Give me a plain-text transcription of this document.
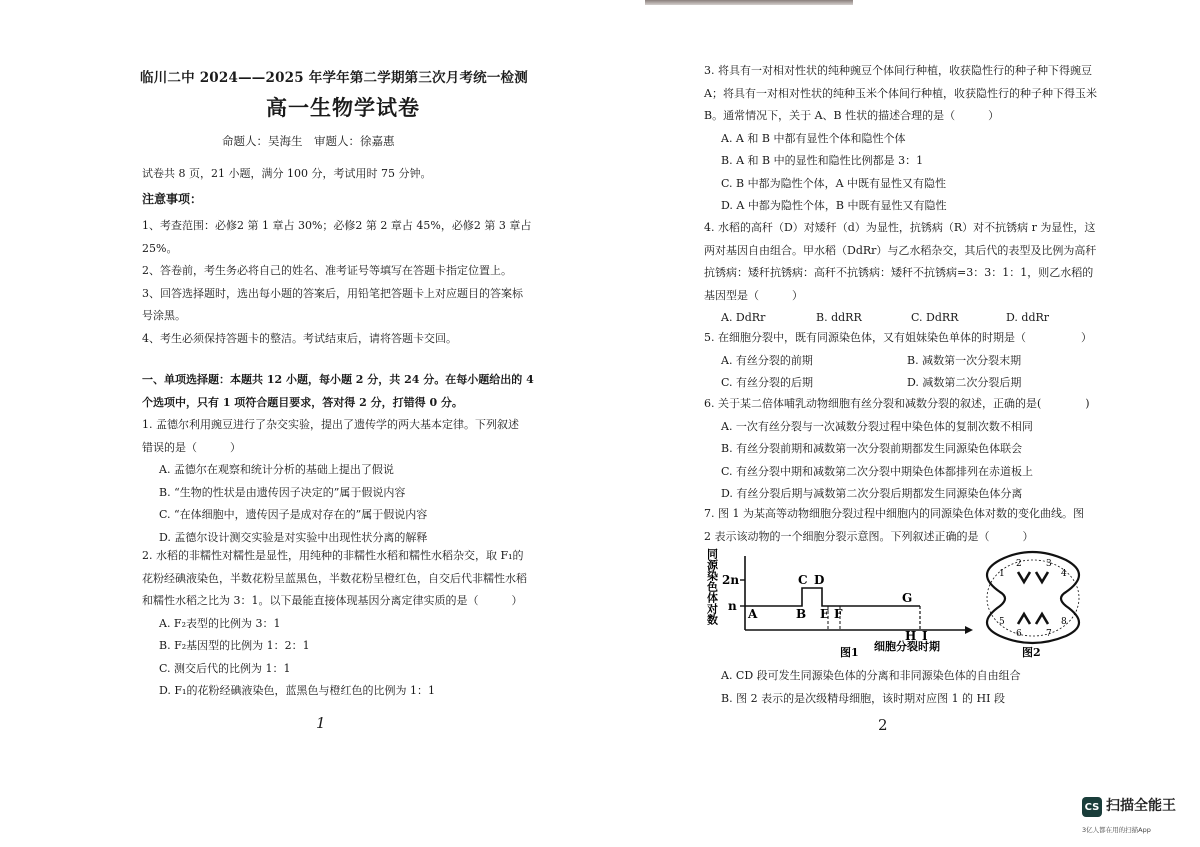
临川二中 2024——2025 年学年第二学期第三次月考统一检测
高一生物学试卷
命题人：吴海生　审题人：徐嘉惠
试卷共 8 页，21 小题，满分 100 分，考试用时 75 分钟。
注意事项：
1、考查范围：必修2 第 1 章占 30%；必修2 第 2 章占 45%，必修2 第 3 章占
25%。
2、答卷前，考生务必将自己的姓名、准考证号等填写在答题卡指定位置上。
3、回答选择题时，选出每小题的答案后，用铅笔把答题卡上对应题目的答案标
号涂黑。
4、考生必须保持答题卡的整洁。考试结束后，请将答题卡交回。
一、单项选择题：本题共 12 小题，每小题 2 分，共 24 分。在每小题给出的 4
个选项中，只有 1 项符合题目要求，答对得 2 分，打错得 0 分。
1. 孟德尔利用豌豆进行了杂交实验，提出了遗传学的两大基本定律。下列叙述
错误的是（　　　）
A. 孟德尔在观察和统计分析的基础上提出了假说
B. “生物的性状是由遗传因子决定的”属于假说内容
C. “在体细胞中，遗传因子是成对存在的”属于假说内容
D. 孟德尔设计测交实验是对实验中出现性状分离的解释
2. 水稻的非糯性对糯性是显性，用纯种的非糯性水稻和糯性水稻杂交，取 F₁的
花粉经碘液染色，半数花粉呈蓝黑色，半数花粉呈橙红色，自交后代非糯性水稻
和糯性水稻之比为 3：1。以下最能直接体现基因分离定律实质的是（　　　）
A. F₂表型的比例为 3：1
B. F₂基因型的比例为 1：2：1
C. 测交后代的比例为 1：1
D. F₁的花粉经碘液染色，蓝黑色与橙红色的比例为 1：1
1
3. 将具有一对相对性状的纯种豌豆个体间行种植，收获隐性行的种子种下得豌豆
A；将具有一对相对性状的纯种玉米个体间行种植，收获隐性行的种子种下得玉米
B。通常情况下，关于 A、B 性状的描述合理的是（　　　）
A. A 和 B 中都有显性个体和隐性个体
B. A 和 B 中的显性和隐性比例都是 3：1
C. B 中都为隐性个体，A 中既有显性又有隐性
D. A 中都为隐性个体，B 中既有显性又有隐性
4. 水稻的高秆（D）对矮秆（d）为显性，抗锈病（R）对不抗锈病 r 为显性，这
两对基因自由组合。甲水稻（DdRr）与乙水稻杂交，其后代的表型及比例为高秆
抗锈病：矮秆抗锈病：高秆不抗锈病：矮秆不抗锈病=3：3：1：1，则乙水稻的
基因型是（　　　）
A. DdRr	B. ddRR	C. DdRR	D. ddRr
5. 在细胞分裂中，既有同源染色体，又有姐妹染色单体的时期是（　　　　　）
A. 有丝分裂的前期	B. 减数第一次分裂末期
C. 有丝分裂的后期	D. 减数第二次分裂后期
6. 关于某二倍体哺乳动物细胞有丝分裂和减数分裂的叙述，正确的是(　　　　)
A. 一次有丝分裂与一次减数分裂过程中染色体的复制次数不相同
B. 有丝分裂前期和减数第一次分裂前期都发生同源染色体联会
C. 有丝分裂中期和减数第二次分裂中期染色体都排列在赤道板上
D. 有丝分裂后期与减数第二次分裂后期都发生同源染色体分离
7. 图 1 为某高等动物细胞分裂过程中细胞内的同源染色体对数的变化曲线。图
2 表示该动物的一个细胞分裂示意图。下列叙述正确的是（　　　）
同源染色体对数 2n
n
A	B
C D
E F
G
H I
细胞分裂时期
图1
1
2	3
4
5
6	7
8
图2
A. CD 段可发生同源染色体的分离和非同源染色体的自由组合
B. 图 2 表示的是次级精母细胞，该时期对应图 1 的 HI 段
2
CS 扫描全能王
3亿人都在用的扫描App
